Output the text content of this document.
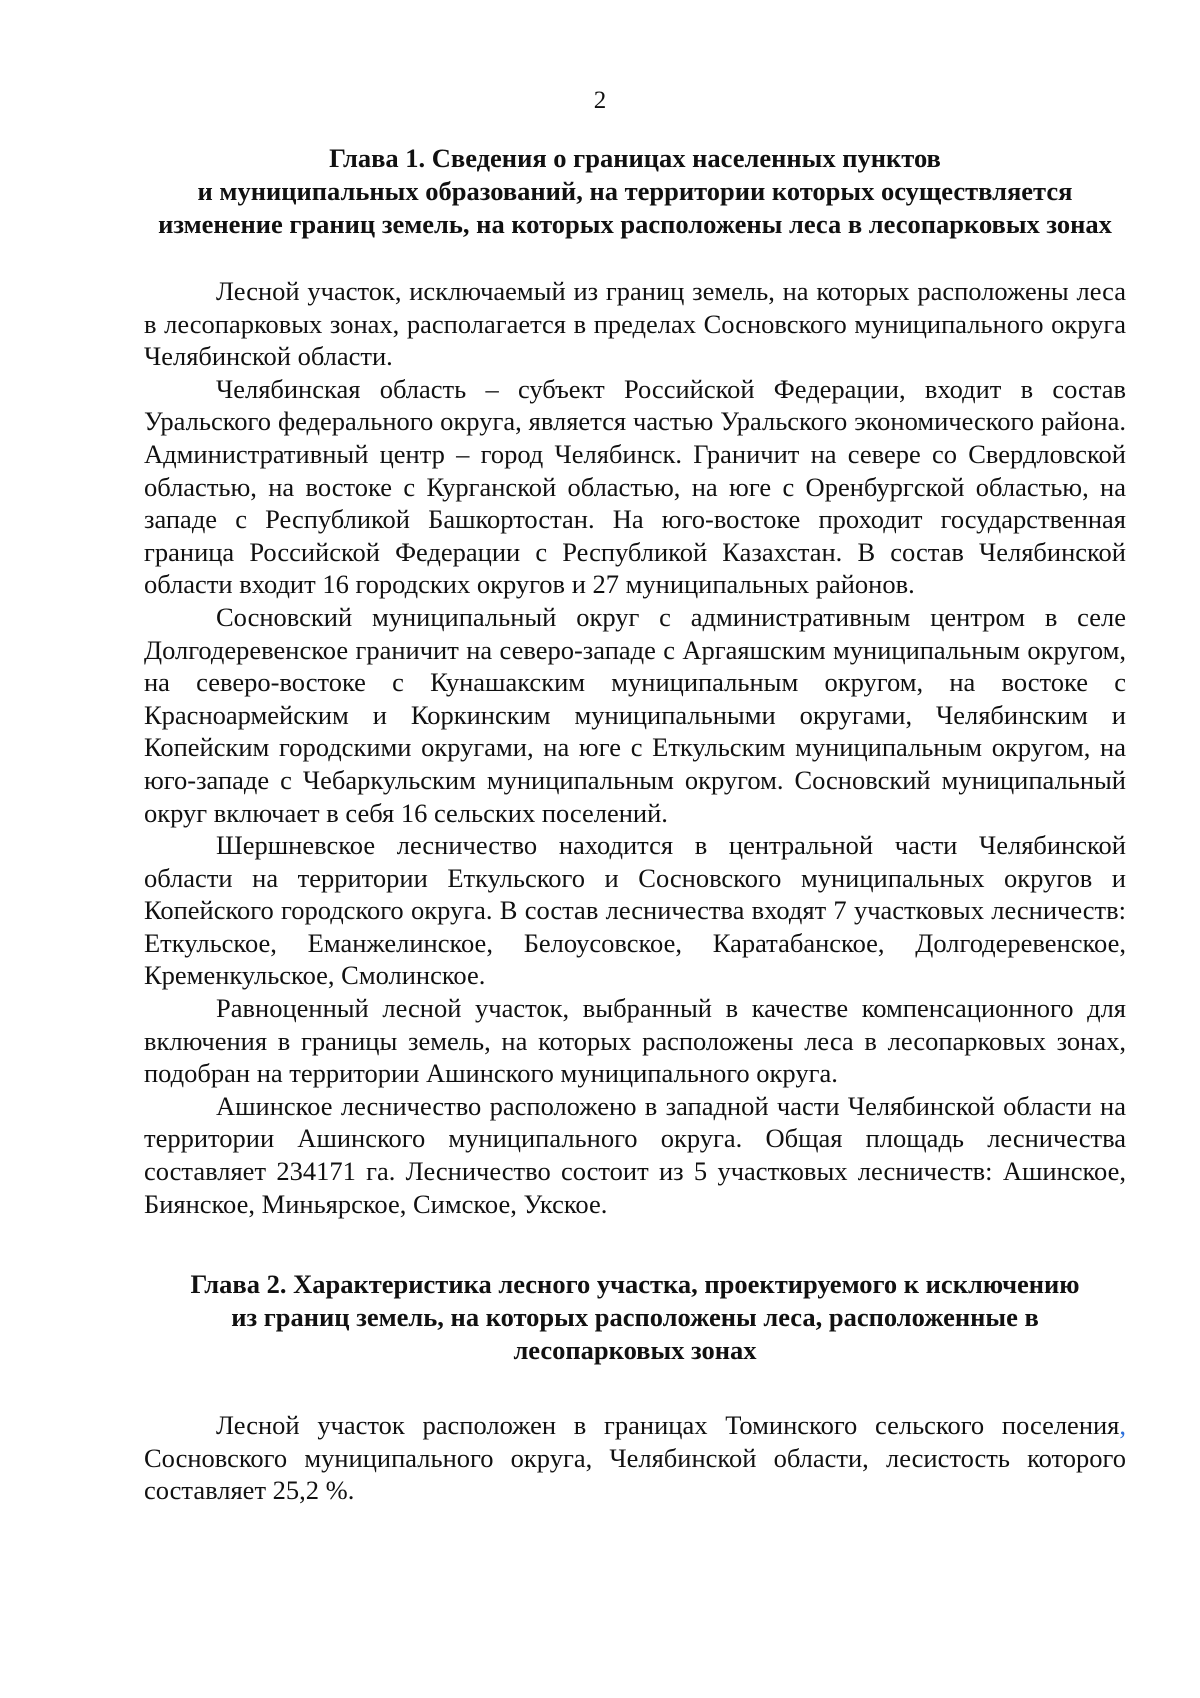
2
Глава 1. Сведения о границах населенных пунктов
и муниципальных образований, на территории которых осуществляется
изменение границ земель, на которых расположены леса в лесопарковых зонах

Лесной участок, исключаемый из границ земель, на которых расположены леса в лесопарковых зонах, располагается в пределах Сосновского муниципального округа Челябинской области.

Челябинская область – субъект Российской Федерации, входит в состав Уральского федерального округа, является частью Уральского экономического района. Административный центр – город Челябинск. Граничит на севере со Свердловской областью, на востоке с Курганской областью, на юге с Оренбургской областью, на западе с Республикой Башкортостан. На юго-востоке проходит государственная граница Российской Федерации с Республикой Казахстан. В состав Челябинской области входит 16 городских округов и 27 муниципальных районов.

Сосновский муниципальный округ с административным центром в селе Долгодеревенское граничит на северо-западе с Аргаяшским муниципальным округом, на северо-востоке с Кунашакским муниципальным округом, на востоке с Красноармейским и Коркинским муниципальными округами, Челябинским и Копейским городскими округами, на юге с Еткульским муниципальным округом, на юго-западе с Чебаркульским муниципальным округом. Сосновский муниципальный округ включает в себя 16 сельских поселений.

Шершневское лесничество находится в центральной части Челябинской области на территории Еткульского и Сосновского муниципальных округов и Копейского городского округа. В состав лесничества входят 7 участковых лесничеств: Еткульское, Еманжелинское, Белоусовское, Каратабанское, Долгодеревенское, Кременкульское, Смолинское.

Равноценный лесной участок, выбранный в качестве компенсационного для включения в границы земель, на которых расположены леса в лесопарковых зонах, подобран на территории Ашинского муниципального округа.

Ашинское лесничество расположено в западной части Челябинской области на территории Ашинского муниципального округа. Общая площадь лесничества составляет 234171 га. Лесничество состоит из 5 участковых лесничеств: Ашинское, Биянское, Миньярское, Симское, Укское.

Глава 2. Характеристика лесного участка, проектируемого к исключению
из границ земель, на которых расположены леса, расположенные в
лесопарковых зонах

Лесной участок расположен в границах Томинского сельского поселения, Сосновского муниципального округа, Челябинской области, лесистость которого составляет 25,2 %.
